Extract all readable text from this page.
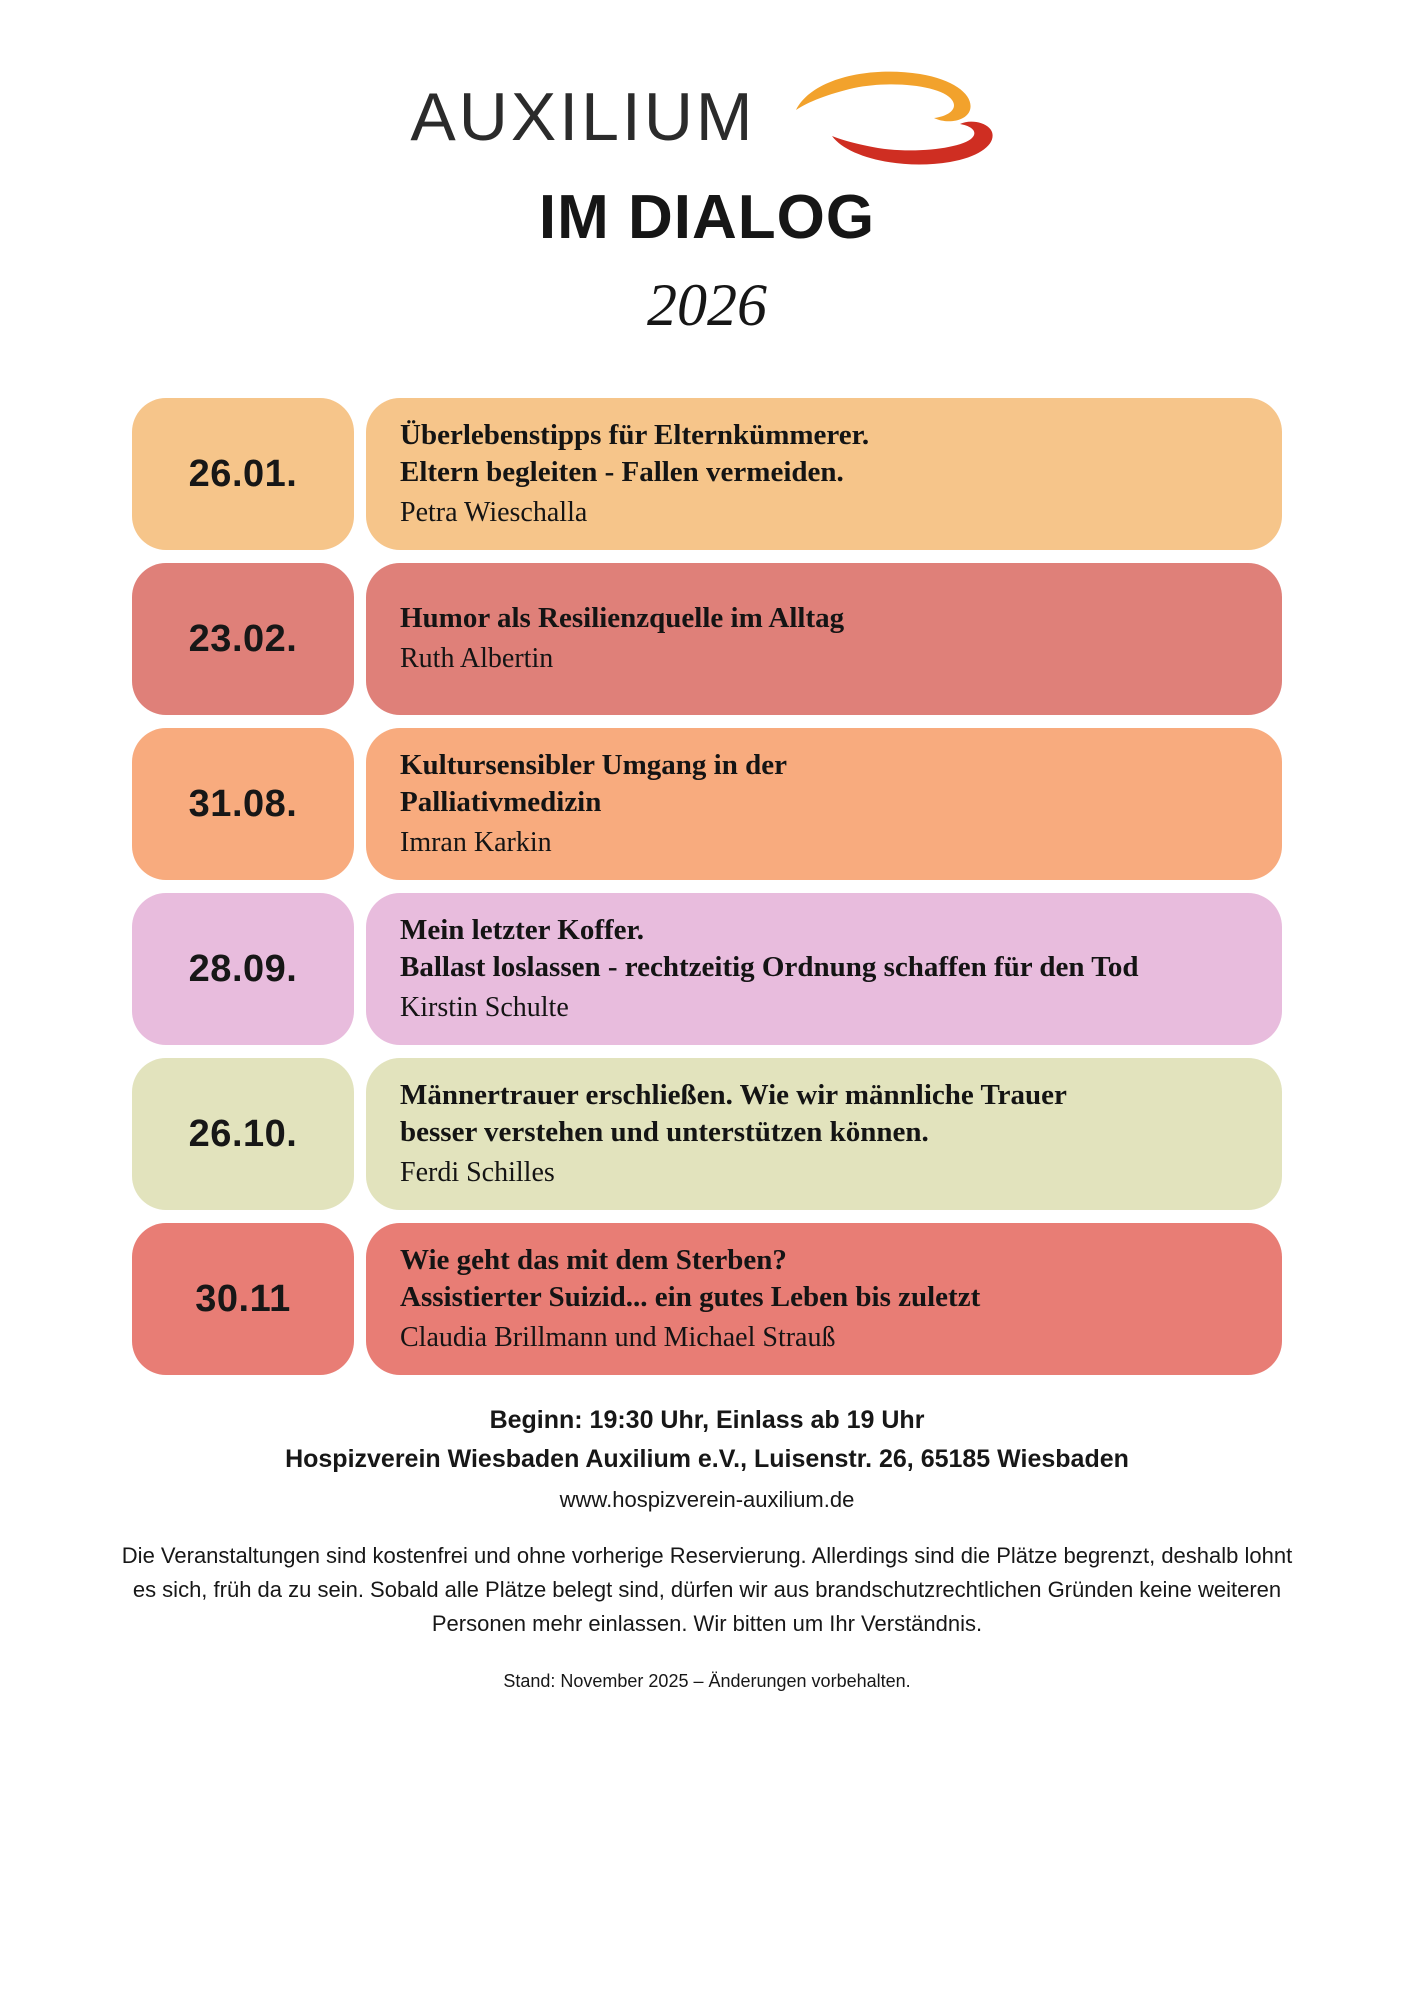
AUXILIUM
IM DIALOG
2026
26.01.
Überlebenstipps für Elternkümmerer.
Eltern begleiten - Fallen vermeiden.
Petra Wieschalla
23.02.	Humor als Resilienzquelle im Alltag
Ruth Albertin
31.08.
Kultursensibler Umgang in der
Palliativmedizin
Imran Karkin
28.09.
Mein letzter Koffer.
Ballast loslassen - rechtzeitig Ordnung schaffen für den Tod
Kirstin Schulte
26.10.
Männertrauer erschließen. Wie wir männliche Trauer
besser verstehen und unterstützen können.
Ferdi Schilles
30.11
Wie geht das mit dem Sterben?
Assistierter Suizid... ein gutes Leben bis zuletzt
Claudia Brillmann und Michael Strauß
Beginn: 19:30 Uhr, Einlass ab 19 Uhr
Hospizverein Wiesbaden Auxilium e.V., Luisenstr. 26, 65185 Wiesbaden
www.hospizverein-auxilium.de
Die Veranstaltungen sind kostenfrei und ohne vorherige Reservierung. Allerdings sind die Plätze begrenzt, deshalb lohnt es sich, früh da zu sein. Sobald alle Plätze belegt sind, dürfen wir aus brandschutzrechtlichen Gründen keine weiteren Personen mehr einlassen. Wir bitten um Ihr Verständnis.
Stand: November 2025 – Änderungen vorbehalten.
